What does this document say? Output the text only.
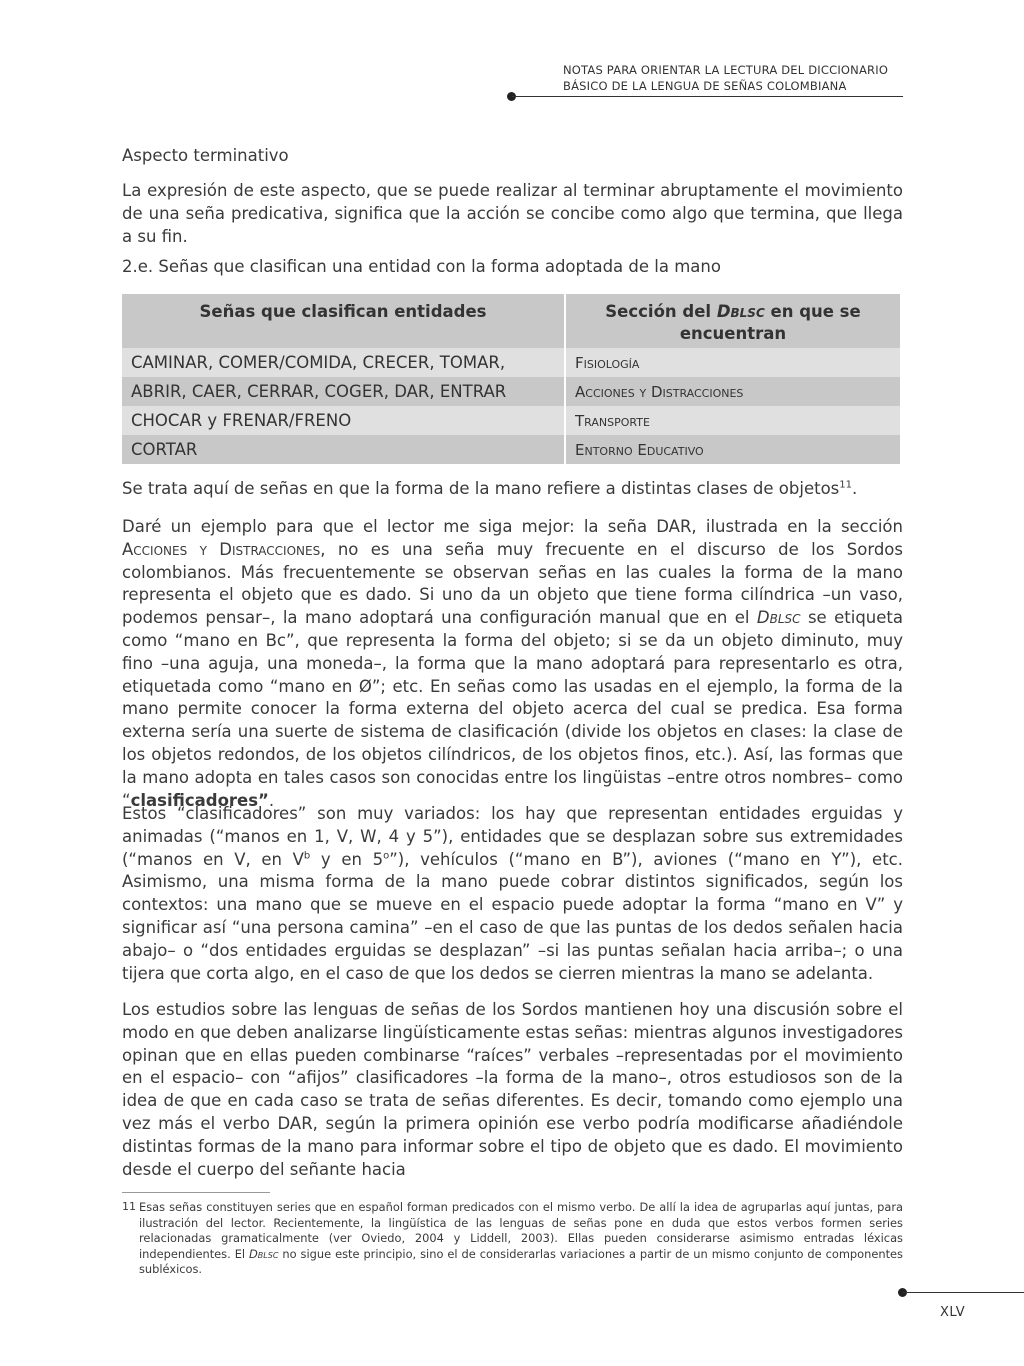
NOTAS PARA ORIENTAR LA LECTURA DEL DICCIONARIO
BÁSICO DE LA LENGUA DE SEÑAS COLOMBIANA
Aspecto terminativo

La expresión de este aspecto, que se puede realizar al terminar abruptamente el movimiento de una seña predicativa, significa que la acción se concibe como algo que termina, que llega a su fin.

2.e. Señas que clasifican una entidad con la forma adoptada de la mano
Señas que clasifican entidades	Sección del Dblsc en que se encuentran
CAMINAR, COMER/COMIDA, CRECER, TOMAR,	Fisiología
ABRIR, CAER, CERRAR, COGER, DAR, ENTRAR	Acciones y Distracciones
CHOCAR y FRENAR/FRENO	Transporte
CORTAR	Entorno Educativo

Se trata aquí de señas en que la forma de la mano refiere a distintas clases de objetos$^{11}$.

Daré un ejemplo para que el lector me siga mejor: la seña DAR, ilustrada en la sección Acciones y Distracciones, no es una seña muy frecuente en el discurso de los Sordos colombianos. Más frecuentemente se observan señas en las cuales la forma de la mano representa el objeto que es dado. Si uno da un objeto que tiene forma cilíndrica –un vaso, podemos pensar–, la mano adoptará una configuración manual que en el Dblsc se etiqueta como “mano en Bc”, que representa la forma del objeto; si se da un objeto diminuto, muy fino –una aguja, una moneda–, la forma que la mano adoptará para representarlo es otra, etiquetada como “mano en Ø”; etc. En señas como las usadas en el ejemplo, la forma de la mano permite conocer la forma externa del objeto acerca del cual se predica. Esa forma externa sería una suerte de sistema de clasificación (divide los objetos en clases: la clase de los objetos redondos, de los objetos cilíndricos, de los objetos finos, etc.). Así, las formas que la mano adopta en tales casos son conocidas entre los lingüistas –entre otros nombres– como “clasificadores”.

Estos “clasificadores” son muy variados: los hay que representan entidades erguidas y animadas (“manos en 1, V, W, 4 y 5”), entidades que se desplazan sobre sus extremidades (“manos en V, en $V^b$ y en 5$^o$”), vehículos (“mano en B”), aviones (“mano en Y”), etc. Asimismo, una misma forma de la mano puede cobrar distintos significados, según los contextos: una mano que se mueve en el espacio puede adoptar la forma “mano en V” y significar así “una persona camina” –en el caso de que las puntas de los dedos señalen hacia abajo– o “dos entidades erguidas se desplazan” –si las puntas señalan hacia arriba–; o una tijera que corta algo, en el caso de que los dedos se cierren mientras la mano se adelanta.

Los estudios sobre las lenguas de señas de los Sordos mantienen hoy una discusión sobre el modo en que deben analizarse lingüísticamente estas señas: mientras algunos investigadores opinan que en ellas pueden combinarse “raíces” verbales –representadas por el movimiento en el espacio– con “afijos” clasificadores –la forma de la mano–, otros estudiosos son de la idea de que en cada caso se trata de señas diferentes. Es decir, tomando como ejemplo una vez más el verbo DAR, según la primera opinión ese verbo podría modificarse añadiéndole distintas formas de la mano para informar sobre el tipo de objeto que es dado. El movimiento desde el cuerpo del señante hacia

11 Esas señas constituyen series que en español forman predicados con el mismo verbo. De allí la idea de agruparlas aquí juntas, para ilustración del lector. Recientemente, la lingüística de las lenguas de señas pone en duda que estos verbos formen series relacionadas gramaticalmente (ver Oviedo, 2004 y Liddell, 2003). Ellas pueden considerarse asimismo entradas léxicas independientes. El Dblsc no sigue este principio, sino el de considerarlas variaciones a partir de un mismo conjunto de componentes subléxicos.
XLV
